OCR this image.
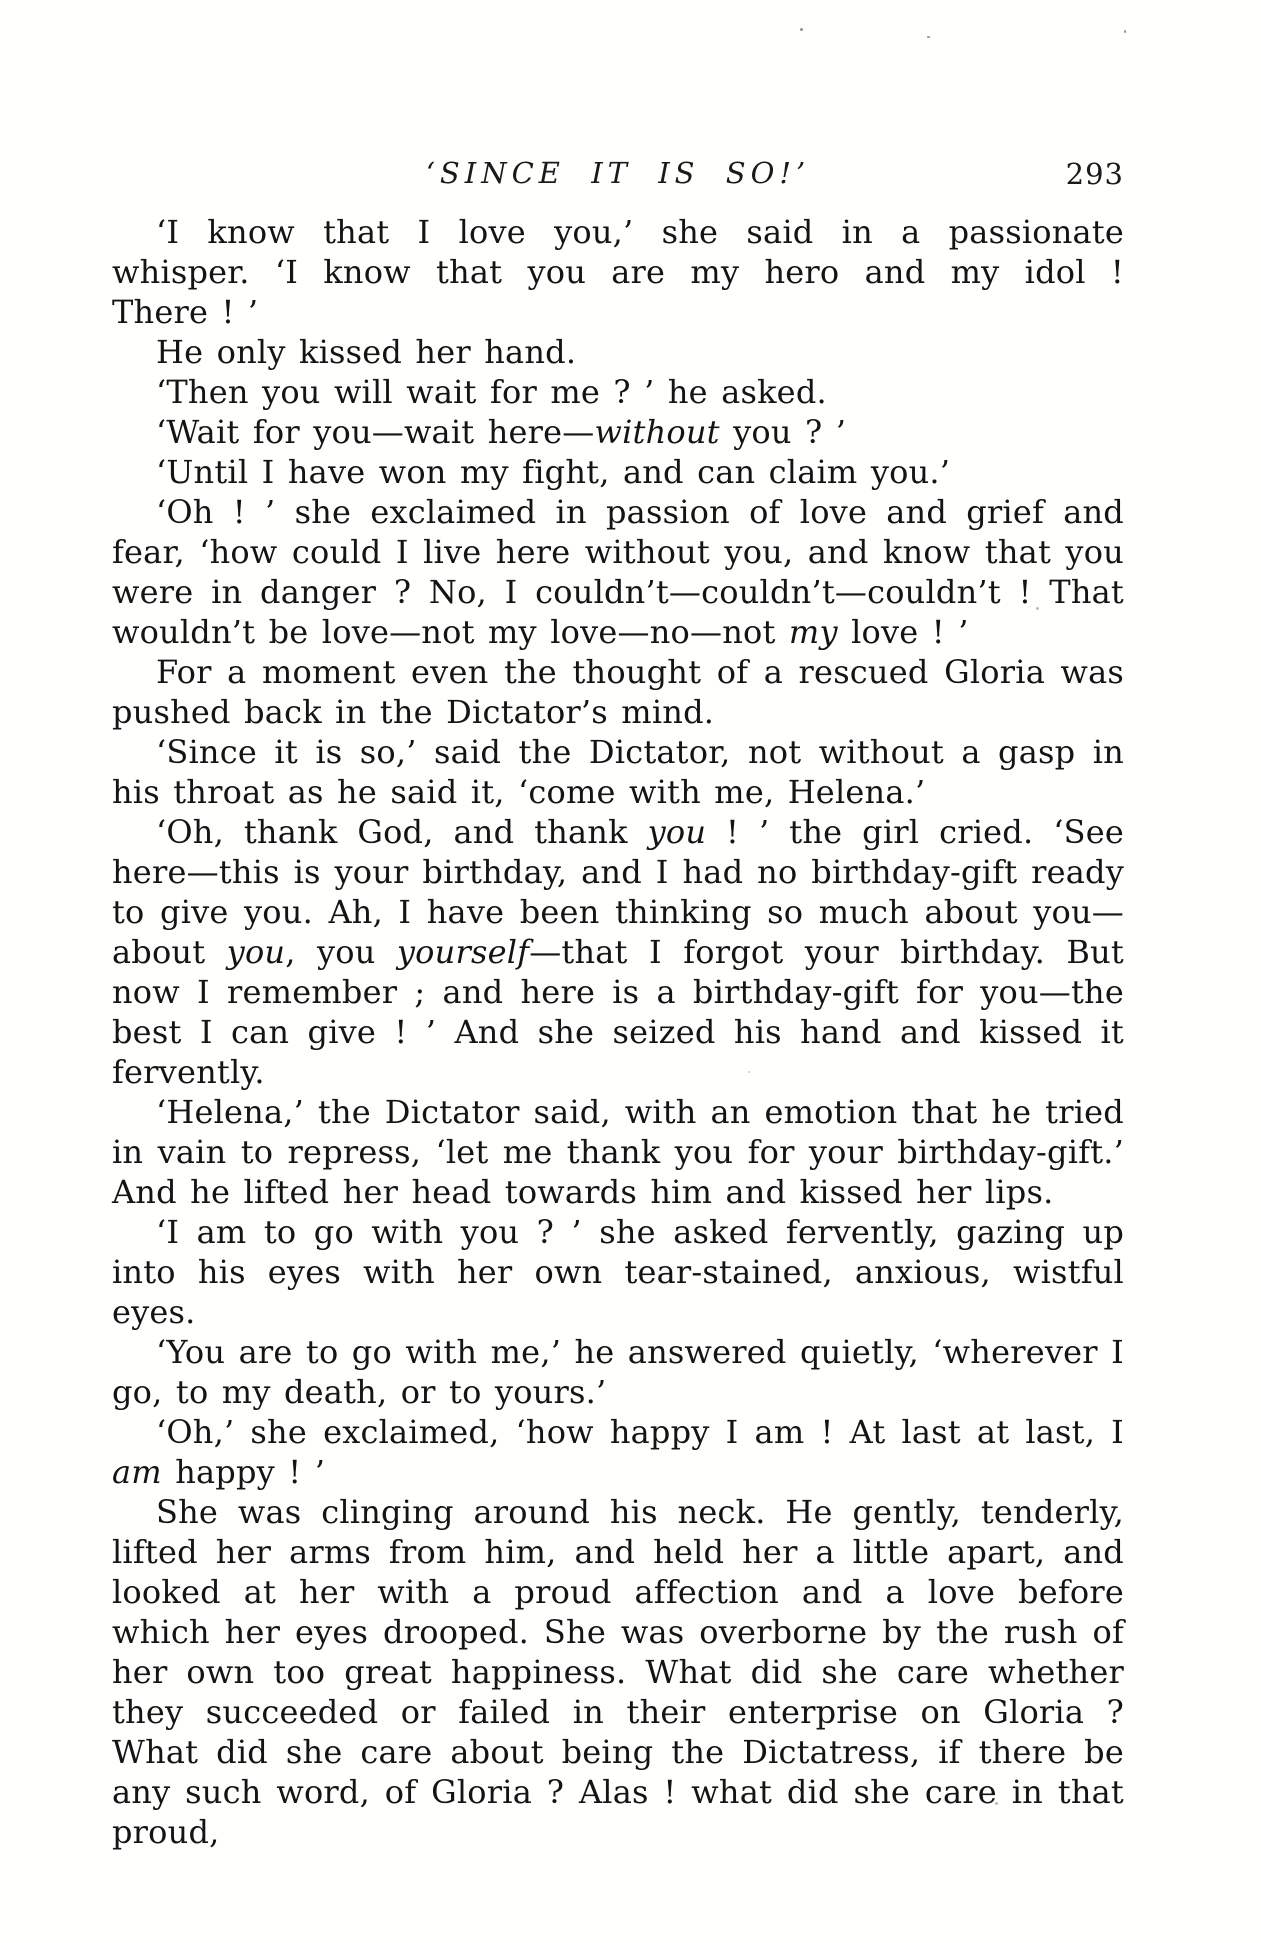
‘SINCE IT IS SO!’	293

‘I know that I love you,’ she said in a passionate whisper. ‘I know that you are my hero and my idol ! There ! ’

He only kissed her hand.

‘Then you will wait for me ? ’ he asked.

‘Wait for you—wait here—without you ? ’

‘Until I have won my fight, and can claim you.’

‘Oh ! ’ she exclaimed in passion of love and grief and fear, ‘how could I live here without you, and know that you were in danger ? No, I couldn’t—couldn’t—couldn’t ! That wouldn’t be love—not my love—no—not my love ! ’

For a moment even the thought of a rescued Gloria was pushed back in the Dictator’s mind.

‘Since it is so,’ said the Dictator, not without a gasp in his throat as he said it, ‘come with me, Helena.’

‘Oh, thank God, and thank you ! ’ the girl cried. ‘See here—this is your birthday, and I had no birthday-gift ready to give you. Ah, I have been thinking so much about you—about you, you yourself—that I forgot your birthday. But now I remember ; and here is a birthday-gift for you—the best I can give ! ’ And she seized his hand and kissed it fervently.

‘Helena,’ the Dictator said, with an emotion that he tried in vain to repress, ‘let me thank you for your birthday-gift.’ And he lifted her head towards him and kissed her lips.

‘I am to go with you ? ’ she asked fervently, gazing up into his eyes with her own tear-stained, anxious, wistful eyes.

‘You are to go with me,’ he answered quietly, ‘wherever I go, to my death, or to yours.’

‘Oh,’ she exclaimed, ‘how happy I am ! At last at last, I am happy ! ’

She was clinging around his neck. He gently, tenderly, lifted her arms from him, and held her a little apart, and looked at her with a proud affection and a love before which her eyes drooped. She was overborne by the rush of her own too great happiness. What did she care whether they succeeded or failed in their enterprise on Gloria ? What did she care about being the Dictatress, if there be any such word, of Gloria ? Alas ! what did she care in that proud,
